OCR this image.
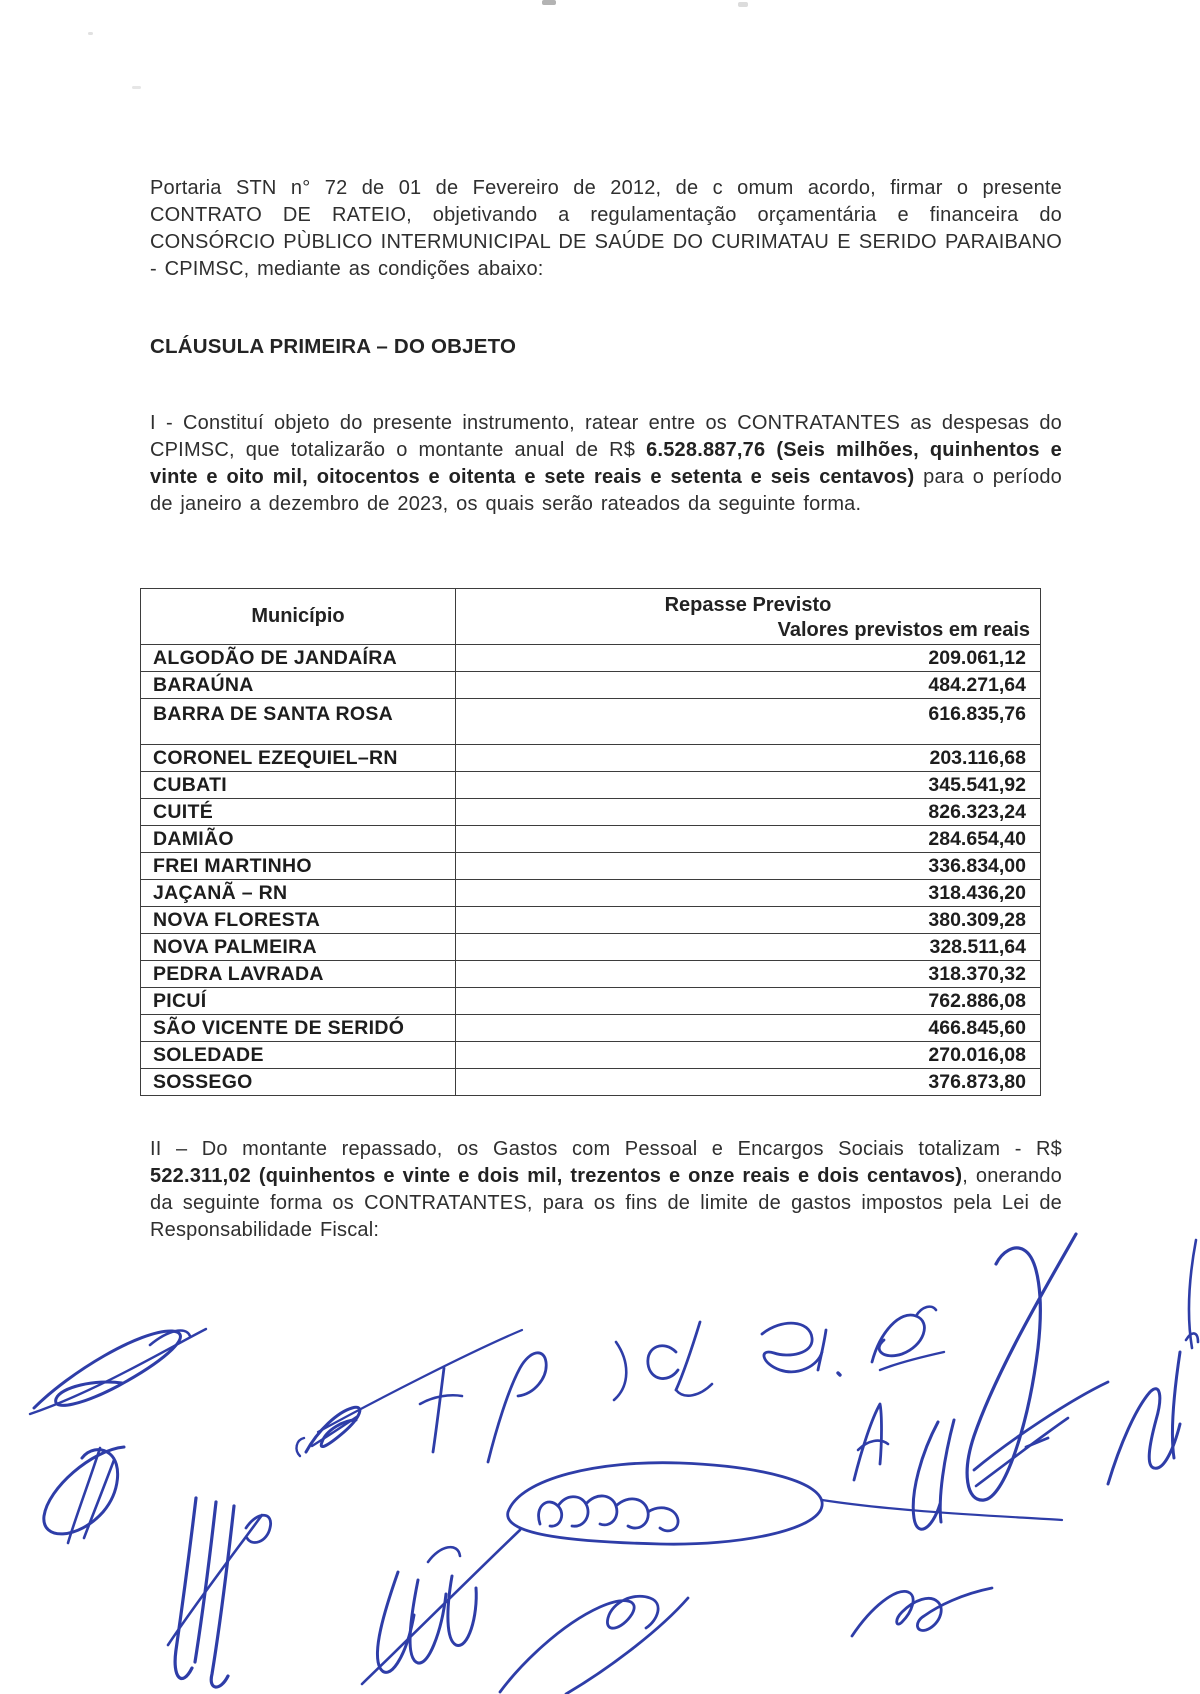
Portaria STN n° 72 de 01 de Fevereiro de 2012, de c omum acordo, firmar o presente CONTRATO DE RATEIO, objetivando a regulamentação orçamentária e financeira do CONSÓRCIO PÙBLICO INTERMUNICIPAL DE SAÚDE DO CURIMATAU E SERIDO PARAIBANO - CPIMSC, mediante as condições abaixo:
CLÁUSULA PRIMEIRA – DO OBJETO
I - Constituí objeto do presente instrumento, ratear entre os CONTRATANTES as despesas do CPIMSC, que totalizarão o montante anual de R$ 6.528.887,76 (Seis milhões, quinhentos e vinte e oito mil, oitocentos e oitenta e sete reais e setenta e seis centavos) para o período de janeiro a dezembro de 2023, os quais serão rateados da seguinte forma.
Município	Repasse Previsto
	Valores previstos em reais
ALGODÃO DE JANDAÍRA	209.061,12
BARAÚNA	484.271,64
BARRA DE SANTA ROSA	616.835,76
CORONEL EZEQUIEL–RN	203.116,68
CUBATI	345.541,92
CUITÉ	826.323,24
DAMIÃO	284.654,40
FREI MARTINHO	336.834,00
JAÇANÃ – RN	318.436,20
NOVA FLORESTA	380.309,28
NOVA PALMEIRA	328.511,64
PEDRA LAVRADA	318.370,32
PICUÍ	762.886,08
SÃO VICENTE DE SERIDÓ	466.845,60
SOLEDADE	270.016,08
SOSSEGO	376.873,80
II – Do montante repassado, os Gastos com Pessoal e Encargos Sociais totalizam - R$ 522.311,02 (quinhentos e vinte e dois mil, trezentos e onze reais e dois centavos), onerando da seguinte forma os CONTRATANTES, para os fins de limite de gastos impostos pela Lei de Responsabilidade Fiscal:
